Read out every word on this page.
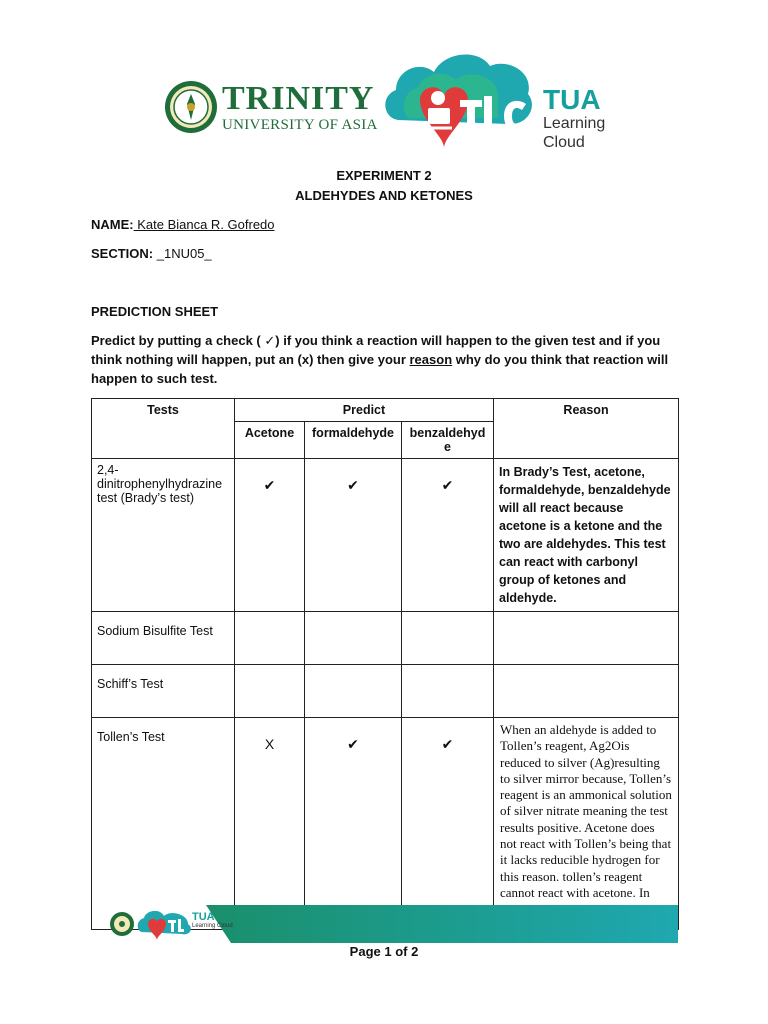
TRINITY
UNIVERSITY OF ASIA
TUA
Learning
Cloud
EXPERIMENT 2
ALDEHYDES AND KETONES
NAME: Kate Bianca R. Gofredo
SECTION: _1NU05_
PREDICTION SHEET
Predict by putting a check ( ✓) if you think a reaction will happen to the given test and if you think nothing will happen, put an (x) then give your reason why do you think that reaction will happen to such test.
Tests	Predict			Reason
	Acetone	formaldehyde	benzaldehyd e	
2,4-dinitrophenylhydrazine test (Brady’s test)	✔	✔	✔	In Brady’s Test, acetone, formaldehyde, benzaldehyde will all react because acetone is a ketone and the two are aldehydes. This test can react with carbonyl group of ketones and aldehyde.
Sodium Bisulfite Test				
Schiff’s Test				
Tollen’s Test	X	✔	✔	When an aldehyde is added to Tollen’s reagent, Ag2Ois reduced to silver (Ag)resulting to silver mirror because, Tollen’s reagent is an ammonical solution of silver nitrate meaning the test results positive. Acetone does not react with Tollen’s being that it lacks reducible hydrogen for this reason. tollen’s reagent cannot react with acetone. In
TUA
Learning Cloud
Page 1 of 2
